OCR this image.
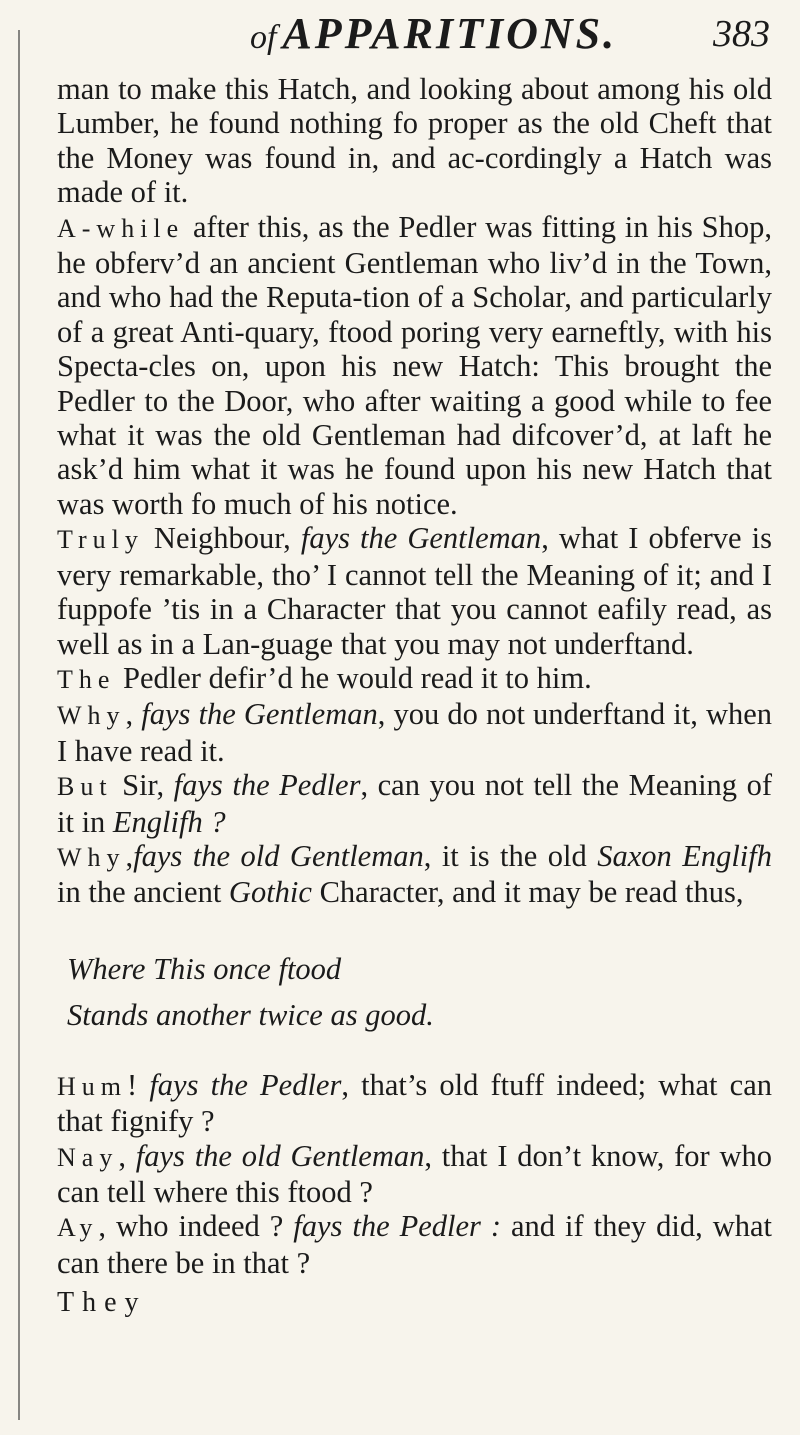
of APPARITIONS.	383

man to make this Hatch, and looking about among his old Lumber, he found nothing fo proper as the old Cheft that the Money was found in, and ac‑cordingly a Hatch was made of it.

A-while after this, as the Pedler was fitting in his Shop, he obferv’d an ancient Gentleman who liv’d in the Town, and who had the Reputa‑tion of a Scholar, and particularly of a great Anti‑quary, ftood poring very earneftly, with his Specta‑cles on, upon his new Hatch: This brought the Pedler to the Door, who after waiting a good while to fee what it was the old Gentleman had difcover’d, at laft he ask’d him what it was he found upon his new Hatch that was worth fo much of his notice.

Truly Neighbour, fays the Gentleman, what I obferve is very remarkable, tho’ I cannot tell the Meaning of it; and I fuppofe ’tis in a Character that you cannot eafily read, as well as in a Lan‑guage that you may not underftand.

The Pedler defir’d he would read it to him.

Why, fays the Gentleman, you do not underftand it, when I have read it.

But Sir, fays the Pedler, can you not tell the Meaning of it in Englifh ?

Why,fays the old Gentleman, it is the old Saxon Englifh in the ancient Gothic Character, and it may be read thus,

Where This once ftood
Stands another twice as good.

Hum! fays the Pedler, that’s old ftuff indeed; what can that fignify ?

Nay, fays the old Gentleman, that I don’t know, for who can tell where this ftood ?

Ay, who indeed ? fays the Pedler : and if they did, what can there be in that ?

They
